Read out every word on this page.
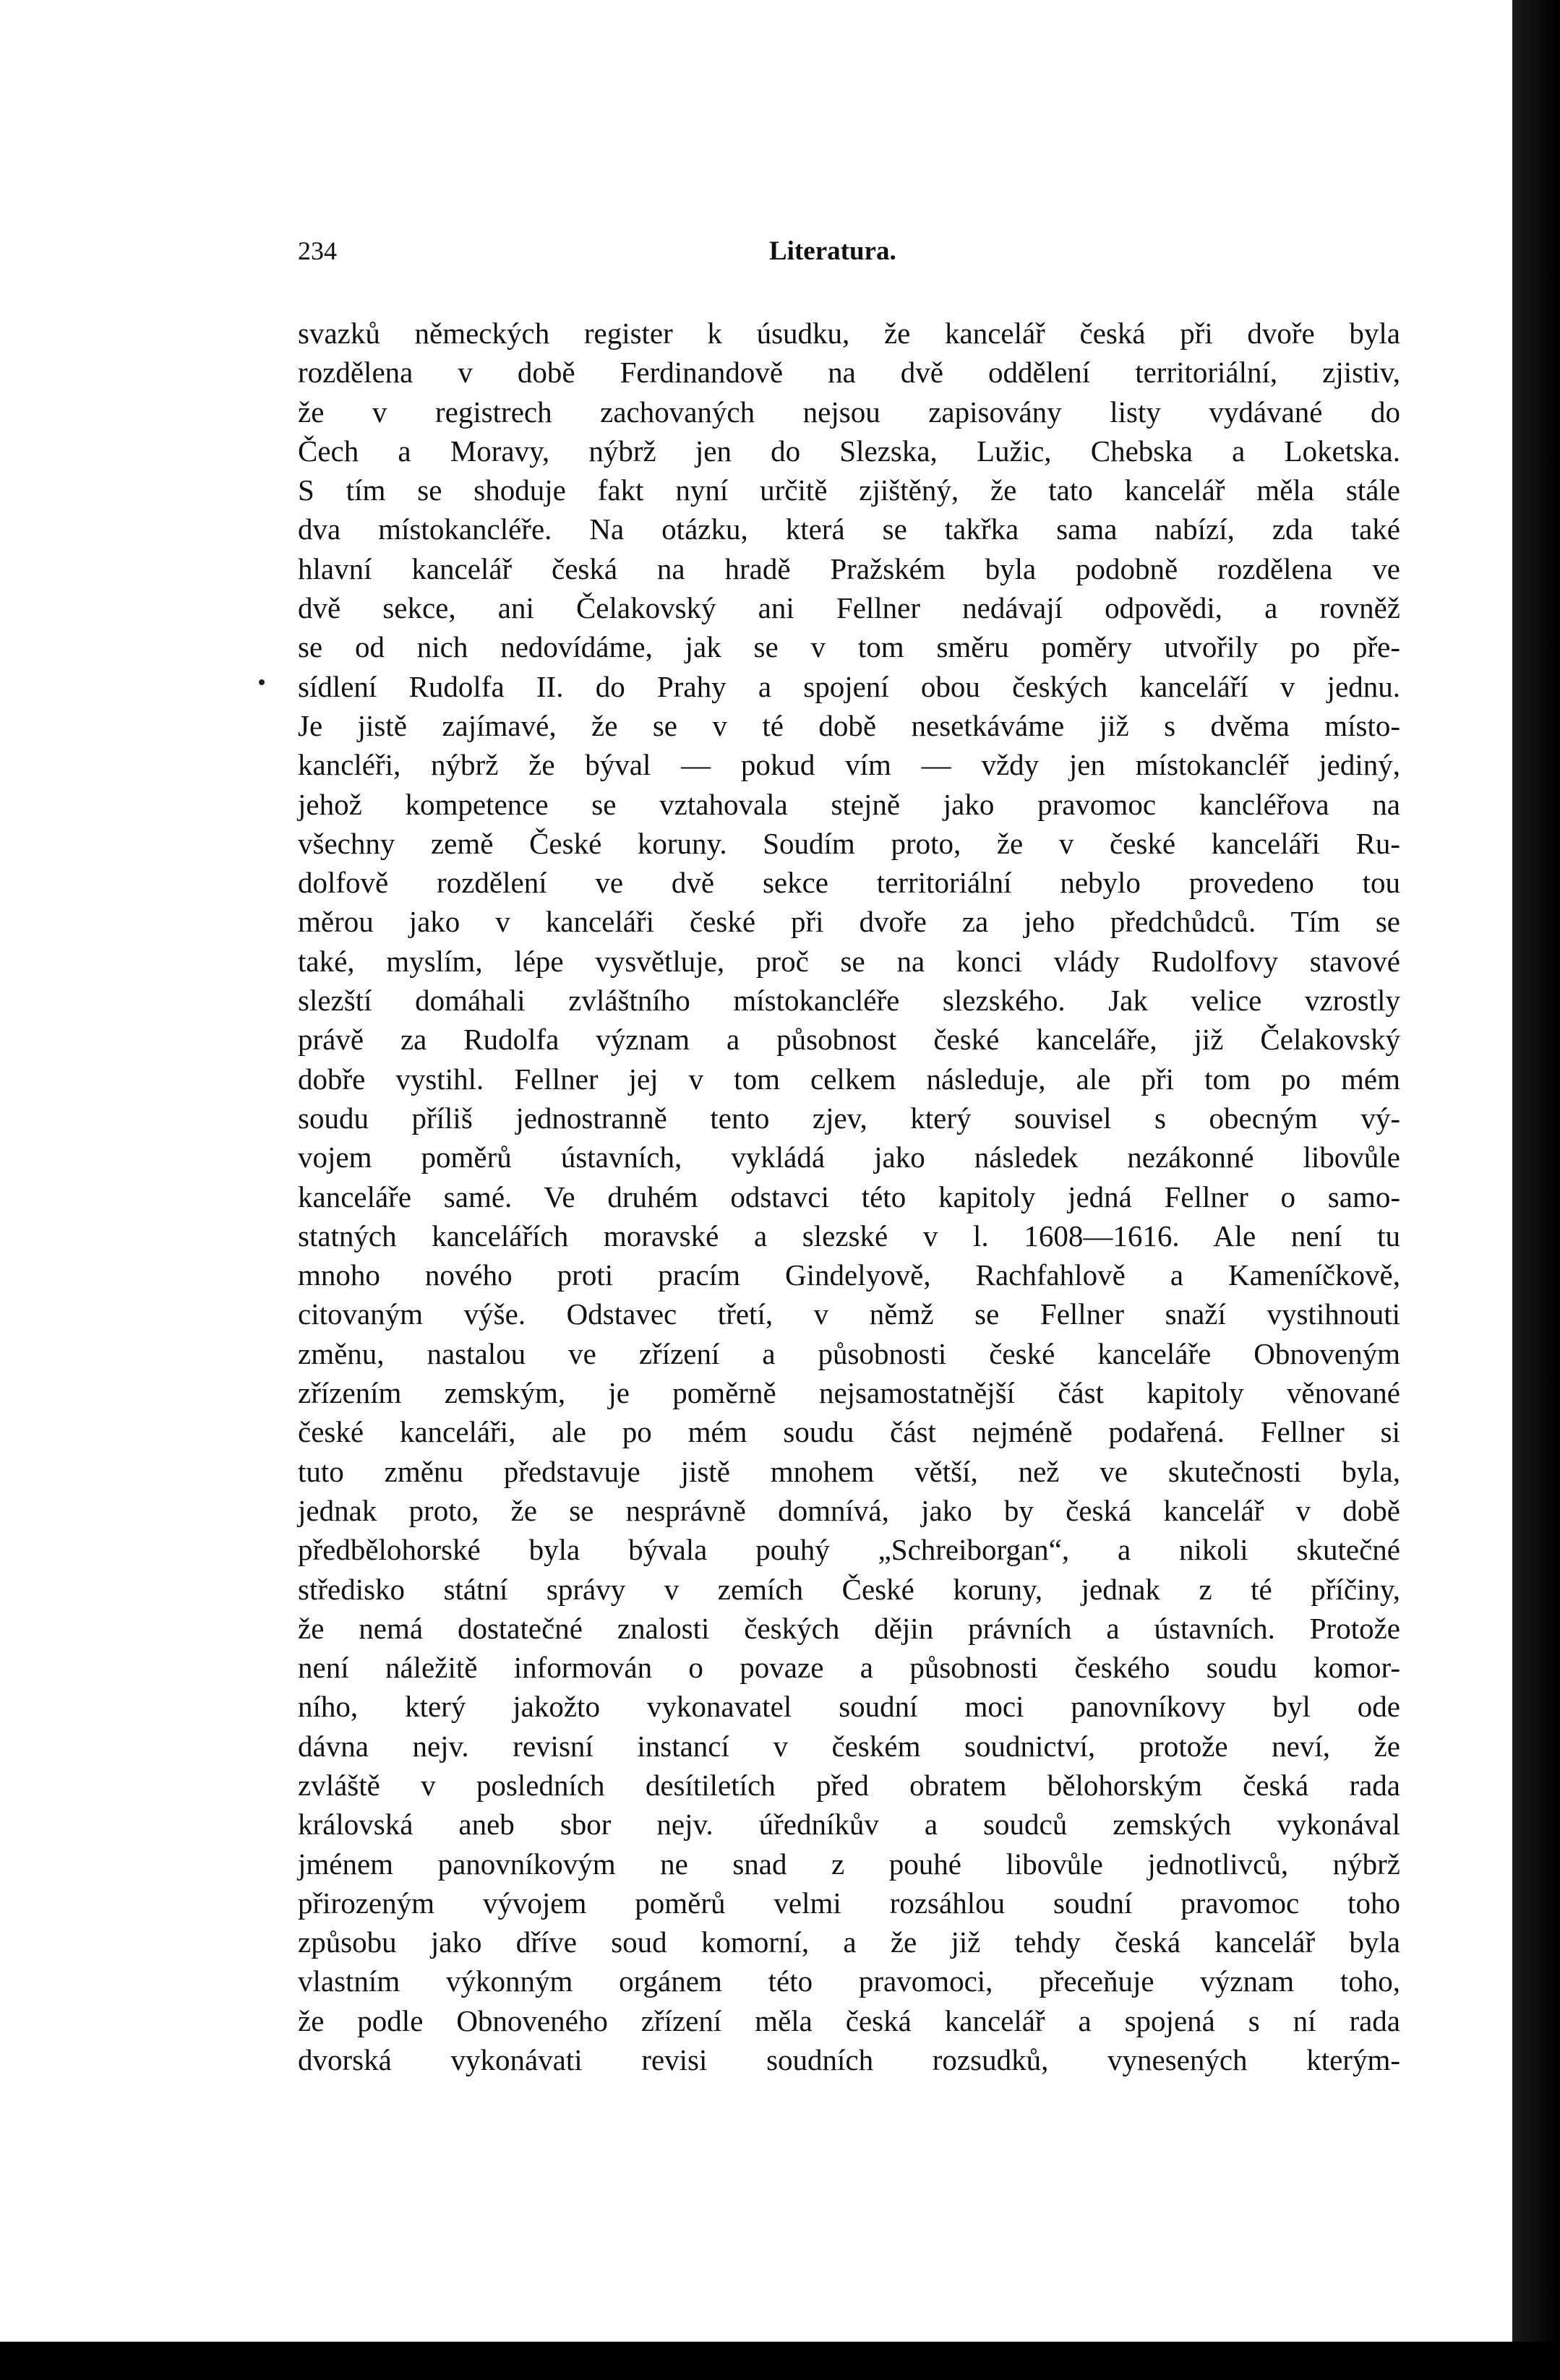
234	Literatura.
svazků německých register k úsudku, že kancelář česká při dvoře byla
rozdělena v době Ferdinandově na dvě oddělení territoriální, zjistiv,
že v registrech zachovaných nejsou zapisovány listy vydávané do
Čech a Moravy, nýbrž jen do Slezska, Lužic, Chebska a Loketska.
S tím se shoduje fakt nyní určitě zjištěný, že tato kancelář měla stále
dva místokancléře. Na otázku, která se takřka sama nabízí, zda také
hlavní kancelář česká na hradě Pražském byla podobně rozdělena ve
dvě sekce, ani Čelakovský ani Fellner nedávají odpovědi, a rovněž
se od nich nedovídáme, jak se v tom směru poměry utvořily po pře-
sídlení Rudolfa II. do Prahy a spojení obou českých kanceláří v jednu.
Je jistě zajímavé, že se v té době nesetkáváme již s dvěma místo-
kancléři, nýbrž že býval — pokud vím — vždy jen místokancléř jediný,
jehož kompetence se vztahovala stejně jako pravomoc kancléřova na
všechny země České koruny. Soudím proto, že v české kanceláři Ru-
dolfově rozdělení ve dvě sekce territoriální nebylo provedeno tou
měrou jako v kanceláři české při dvoře za jeho předchůdců. Tím se
také, myslím, lépe vysvětluje, proč se na konci vlády Rudolfovy stavové
slezští domáhali zvláštního místokancléře slezského. Jak velice vzrostly
právě za Rudolfa význam a působnost české kanceláře, již Čelakovský
dobře vystihl. Fellner jej v tom celkem následuje, ale při tom po mém
soudu příliš jednostranně tento zjev, který souvisel s obecným vý-
vojem poměrů ústavních, vykládá jako následek nezákonné libovůle
kanceláře samé. Ve druhém odstavci této kapitoly jedná Fellner o samo-
statných kancelářích moravské a slezské v l. 1608—1616. Ale není tu
mnoho nového proti pracím Gindelyově, Rachfahlově a Kameníčkově,
citovaným výše. Odstavec třetí, v němž se Fellner snaží vystihnouti
změnu, nastalou ve zřízení a působnosti české kanceláře Obnoveným
zřízením zemským, je poměrně nejsamostatnější část kapitoly věnované
české kanceláři, ale po mém soudu část nejméně podařená. Fellner si
tuto změnu představuje jistě mnohem větší, než ve skutečnosti byla,
jednak proto, že se nesprávně domnívá, jako by česká kancelář v době
předbělohorské byla bývala pouhý „Schreiborgan“, a nikoli skutečné
středisko státní správy v zemích České koruny, jednak z té příčiny,
že nemá dostatečné znalosti českých dějin právních a ústavních. Protože
není náležitě informován o povaze a působnosti českého soudu komor-
ního, který jakožto vykonavatel soudní moci panovníkovy byl ode
dávna nejv. revisní instancí v českém soudnictví, protože neví, že
zvláště v posledních desítiletích před obratem bělohorským česká rada
královská aneb sbor nejv. úředníkův a soudců zemských vykonával
jménem panovníkovým ne snad z pouhé libovůle jednotlivců, nýbrž
přirozeným vývojem poměrů velmi rozsáhlou soudní pravomoc toho
způsobu jako dříve soud komorní, a že již tehdy česká kancelář byla
vlastním výkonným orgánem této pravomoci, přeceňuje význam toho,
že podle Obnoveného zřízení měla česká kancelář a spojená s ní rada
dvorská vykonávati revisi soudních rozsudků, vynesených kterým-
